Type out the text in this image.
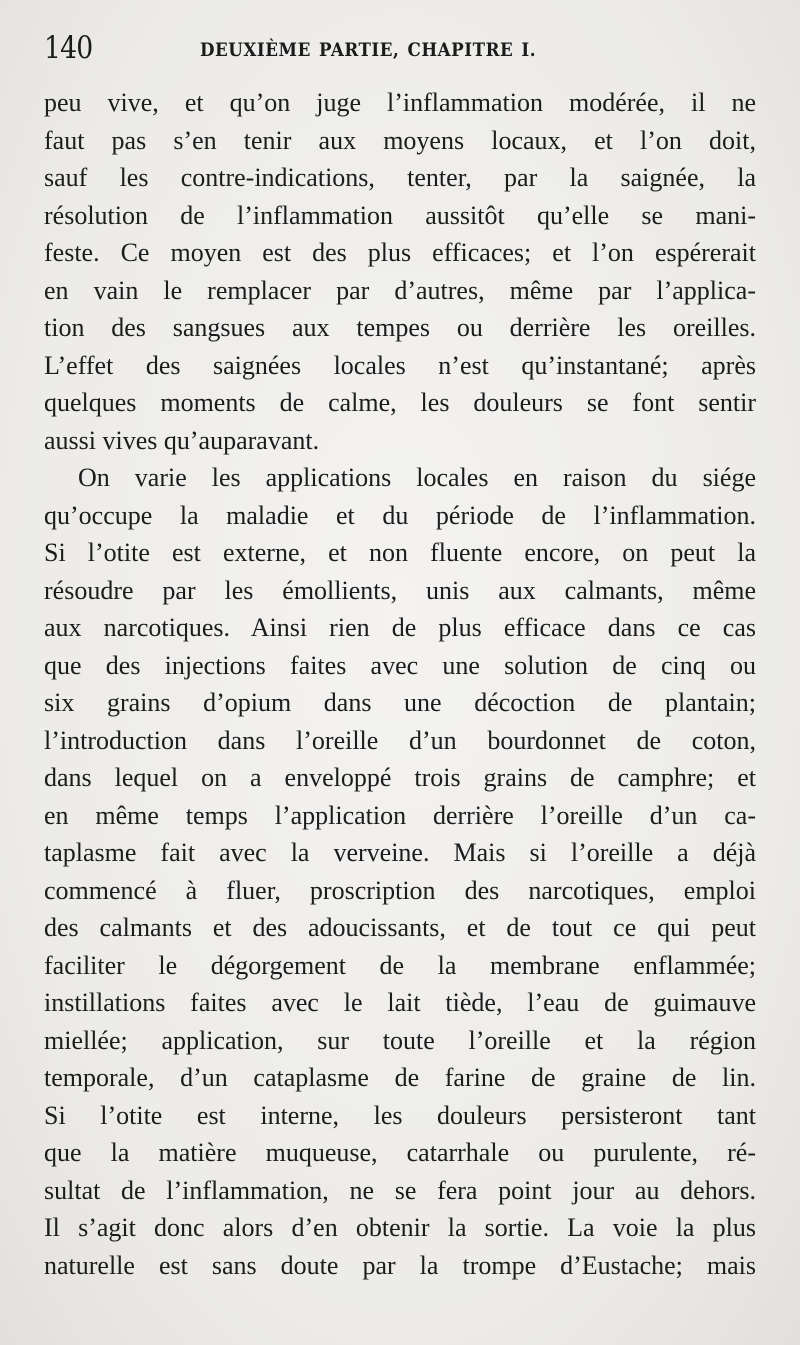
140	DEUXIÈME PARTIE, CHAPITRE I.
peu vive, et qu’on juge l’inflammation modérée, il ne
faut pas s’en tenir aux moyens locaux, et l’on doit,
sauf les contre-indications, tenter, par la saignée, la
résolution de l’inflammation aussitôt qu’elle se mani-
feste. Ce moyen est des plus efficaces; et l’on espérerait
en vain le remplacer par d’autres, même par l’applica-
tion des sangsues aux tempes ou derrière les oreilles.
L’effet des saignées locales n’est qu’instantané; après
quelques moments de calme, les douleurs se font sentir
aussi vives qu’auparavant.
On varie les applications locales en raison du siége
qu’occupe la maladie et du période de l’inflammation.
Si l’otite est externe, et non fluente encore, on peut la
résoudre par les émollients, unis aux calmants, même
aux narcotiques. Ainsi rien de plus efficace dans ce cas
que des injections faites avec une solution de cinq ou
six grains d’opium dans une décoction de plantain;
l’introduction dans l’oreille d’un bourdonnet de coton,
dans lequel on a enveloppé trois grains de camphre; et
en même temps l’application derrière l’oreille d’un ca-
taplasme fait avec la verveine. Mais si l’oreille a déjà
commencé à fluer, proscription des narcotiques, emploi
des calmants et des adoucissants, et de tout ce qui peut
faciliter le dégorgement de la membrane enflammée;
instillations faites avec le lait tiède, l’eau de guimauve
miellée; application, sur toute l’oreille et la région
temporale, d’un cataplasme de farine de graine de lin.
Si l’otite est interne, les douleurs persisteront tant
que la matière muqueuse, catarrhale ou purulente, ré-
sultat de l’inflammation, ne se fera point jour au dehors.
Il s’agit donc alors d’en obtenir la sortie. La voie la plus
naturelle est sans doute par la trompe d’Eustache; mais
